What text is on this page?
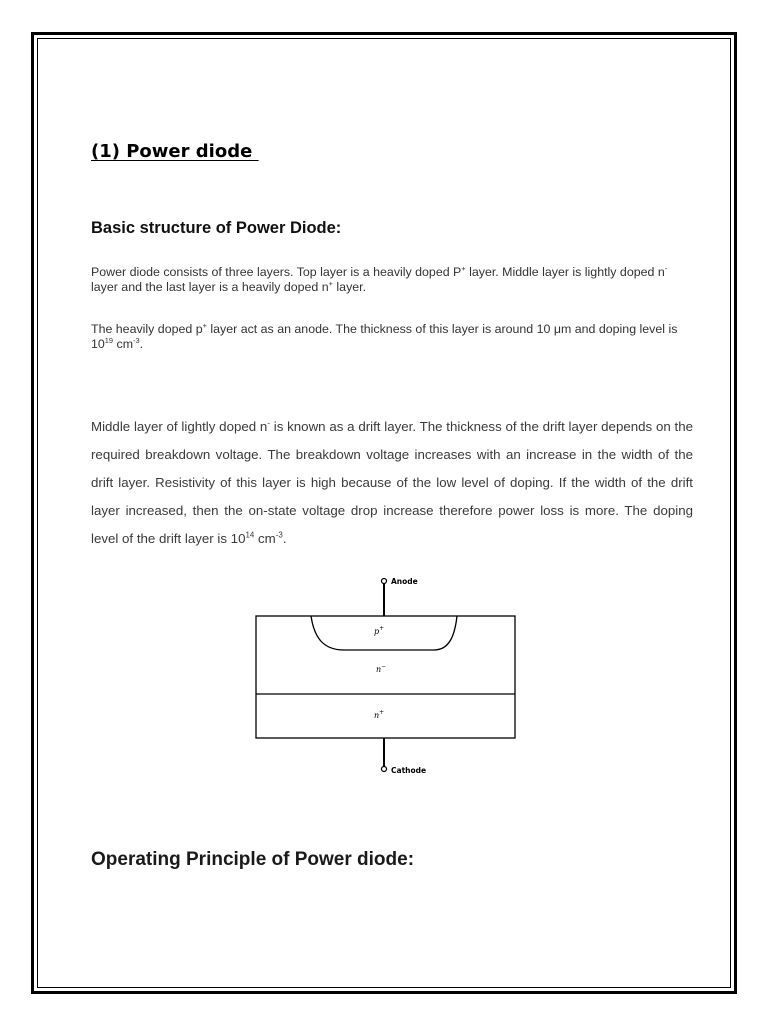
(1) Power diode
Basic structure of Power Diode:

Power diode consists of three layers. Top layer is a heavily doped P+ layer. Middle layer is lightly doped n- layer and the last layer is a heavily doped n+ layer.

The heavily doped p+ layer act as an anode. The thickness of this layer is around 10 μm and doping level is $10^{19}$ $cm^{-3}$.

Middle layer of lightly doped n- is known as a drift layer. The thickness of the drift layer depends on the required breakdown voltage. The breakdown voltage increases with an increase in the width of the drift layer. Resistivity of this layer is high because of the low level of doping. If the width of the drift layer increased, then the on-state voltage drop increase therefore power loss is more. The doping level of the drift layer is $10^{14}$ $cm^{-3}$.

Anode
p+
n−
n+
Cathode
Operating Principle of Power diode:
